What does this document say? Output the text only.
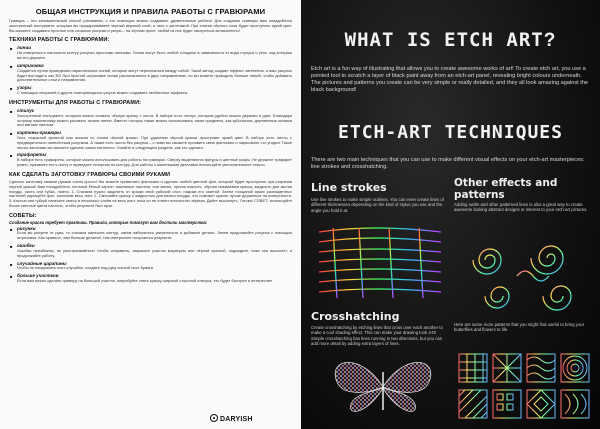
ОБЩАЯ ИНСТРУКЦИЯ И ПРАВИЛА РАБОТЫ С ГРАВЮРАМИ

Гравюра – это занимательный способ рисования, с его помощью можно создавать удивительные работы! Для создания гравюры вам понадобится заостренный инструмент, которым вы процарапываете черный верхний слой, и лист с заготовкой. При снятии чёрного слоя будет проступать яркий цвет. Вы сможете создавать простые или сложные рисунки и узоры – на чёрном фоне, любой из них будет смотреться великолепно!

ТЕХНИКИ РАБОТЫ С ГРАВЮРАМИ:
■ линии

На поверхность наносится контур рисунка простыми линиями. Линии могут быть любой толщины в зависимости от вида ступуса и угла, под которым вы его держите.

■ штриховка

Создается путем проведения параллельных линий, которые могут пересекаться между собой. Такой метод создает эффект затенения, и ваш рисунок будет выглядеть как 3D! При простой штриховке линии располагаются в двух направлениях, но вы можете проводить больше линий, чтобы добавить дополнительные слои и направления.

■ узоры

С помощью спиралей и других повторяющихся узоров можно создавать необычные эффекты.

ИНСТРУМЕНТЫ ДЛЯ РАБОТЫ С ГРАВЮРАМИ:
■ стилус

Заостренный инструмент, которым можно снимать чёрную краску с листа. В наборе есть стилус, которым удобно можно держать в руке. Благодаря острому наконечнику можно рисовать тонкие линии. Вместо стилуса также можно использовать такие предметы, как зубочистки, деревянные шпажки или ватные палочки.

■ картоны-гравюры

Лист, покрытый фольгой или воском со слоем чёрной краски. При удалении чёрной краски проступает яркий цвет. В наборе есть листы с предварительно нанесённым рисунком. А также есть листы без рисунка – с ними вы сможете проявить свою фантазию и нарисовать что угодно! Такие листы-заготовки вы сможете сделать самостоятельно. Узнайте в следующем разделе, как это сделать.

■ трафареты

В наборе есть трафареты, которые можно использовать для работы на гравюрах. Сверху выделяются фигуры и цветные узоры. Не держите трафарет ровно, прижмите его к листу и проведите стилусом по контуру. Для работы с маленькими деталями используйте увеличительное стекло.

КАК СДЕЛАТЬ ЗАГОТОВКУ ГРАВЮРЫ СВОИМИ РУКАМИ

Сделать заготовку своими руками очень просто! Вы можете применить фантазию и сделать любой цветной фон, который будет проступать при стирании черной краски! Вам понадобится: плотный белый картон, масляные пастели, или мелки, пустая емкость, чёрная смываемая краска, жидкость для мытья посуды, кисть или губка, газета. 1. Сначала нужно защитить от краски свой рабочий стол, накрыв его газетой. Затем толщиной ярких разноцветных пастелей нарисуйте фон, заполнив весь лист. 2. Смешайте краску с жидкостью для мытья посуды, это поможет краске лучше держаться на поверхности. 3. Кистью или губкой нанесите смесь в несколько слоёв на весь лист, пока он не станет полностью чёрным. Дайте высохнуть. Готово! СОВЕТ: используйте более светлые цвета пастели, чтобы результат был ярче.

СОВЕТЫ:

Создание краски требует практики. Правила, которые помогут вам достичь мастерства:

■ рисунки

Если вы рисуете от руки, то сначала нанесите контур, затем наберитесь уверенности и добавьте детали. Затем продолжайте рисунок с помощью штриховки. Как правило, чем больше деталей, тем интереснее получается результат.

■ ошибки

Ошибки неизбежны, не расстраивайтесь! Чтобы исправить, закрасьте участок маркером или чёрной краской, подождите, пока она высохнет, и продолжайте работу.

■ случайные царапины

Чтобы не поцарапать лист случайно, кладите под руку чистый лист бумаги.

■ больше участков

Если вам нужно сделать гравюру на большой участок, попробуйте снять краску широкой стороной стилуса, это будет быстрее и интереснее.

DARYISH
WHAT IS ETCH ART?

Etch art is a fun way of illustrating that allows you to create awesome works of art! To create etch art, you use a pointed tool to scratch a layer of black paint away from an etch-art panel, revealing bright colours underneath. The pictures and patterns you create can be very simple or really detailed, and they all look amazing against the black background!

ETCH-ART TECHNIQUES

There are two main techniques that you can use to make different visual effects on your etch-art masterpieces: line strokes and crosshatching.

Line strokes

Use line strokes to make simple outlines. You can even create lines of different thicknesses depending on the kind of stylus you use and the angle you hold it at.

Other effects and patterns

Adding swirls and other patterned lines is also a great way to create awesome looking abstract designs or interest to your etch-art pictures.

Crosshatching

Create crosshatching by etching lines that cross over each another to make a cool shading effect. This can make your drawing look 3-D! Simple crosshatching has lines running in two directions, but you can add more detail by adding extra layers of lines.

Here are some more patterns that you might find useful to bring your butterflies and flowers to life.
